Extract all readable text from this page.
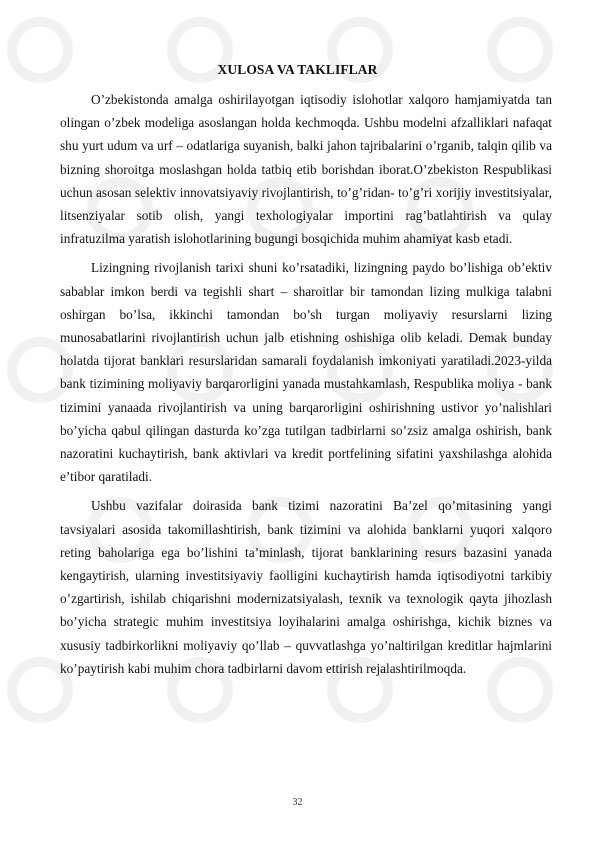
XULOSA VA TAKLIFLAR

O’zbekistonda amalga oshirilayotgan iqtisodiy islohotlar xalqoro hamjamiyatda tan olingan o’zbek modeliga asoslangan holda kechmoqda. Ushbu modelni afzalliklari nafaqat shu yurt udum va urf – odatlariga suyanish, balki jahon tajribalarini o’rganib, talqin qilib va bizning shoroitga moslashgan holda tatbiq etib borishdan iborat.O’zbekiston Respublikasi uchun asosan selektiv innovatsiyaviy rivojlantirish, to’g’ridan- to’g’ri xorijiy investitsiyalar, litsenziyalar sotib olish, yangi texhologiyalar importini rag’batlahtirish va qulay infratuzilma yaratish islohotlarining bugungi bosqichida muhim ahamiyat kasb etadi.

Lizingning rivojlanish tarixi shuni ko’rsatadiki, lizingning paydo bo’lishiga ob’ektiv sabablar imkon berdi va tegishli shart – sharoitlar bir tamondan lizing mulkiga talabni oshirgan bo’lsa, ikkinchi tamondan bo’sh turgan moliyaviy resurslarni lizing munosabatlarini rivojlantirish uchun jalb etishning oshishiga olib keladi. Demak bunday holatda tijorat banklari resurslaridan samarali foydalanish imkoniyati yaratiladi.2023-yilda bank tizimining moliyaviy barqarorligini yanada mustahkamlash, Respublika moliya - bank tizimini yanaada rivojlantirish va uning barqarorligini oshirishning ustivor yo’nalishlari bo’yicha qabul qilingan dasturda ko’zga tutilgan tadbirlarni so’zsiz amalga oshirish, bank nazoratini kuchaytirish, bank aktivlari va kredit portfelining sifatini yaxshilashga alohida e’tibor qaratiladi.

Ushbu vazifalar doirasida bank tizimi nazoratini Ba’zel qo’mitasining yangi tavsiyalari asosida takomillashtirish, bank tizimini va alohida banklarni yuqori xalqoro reting baholariga ega bo’lishini ta’minlash, tijorat banklarining resurs bazasini yanada kengaytirish, ularning investitsiyaviy faolligini kuchaytirish hamda iqtisodiyotni tarkibiy o’zgartirish, ishilab chiqarishni modernizatsiyalash, texnik va texnologik qayta jihozlash bo’yicha strategic muhim investitsiya loyihalarini amalga oshirishga, kichik biznes va xususiy tadbirkorlikni moliyaviy qo’llab – quvvatlashga yo’naltirilgan kreditlar hajmlarini ko’paytirish kabi muhim chora tadbirlarni davom ettirish rejalashtirilmoqda.

32
